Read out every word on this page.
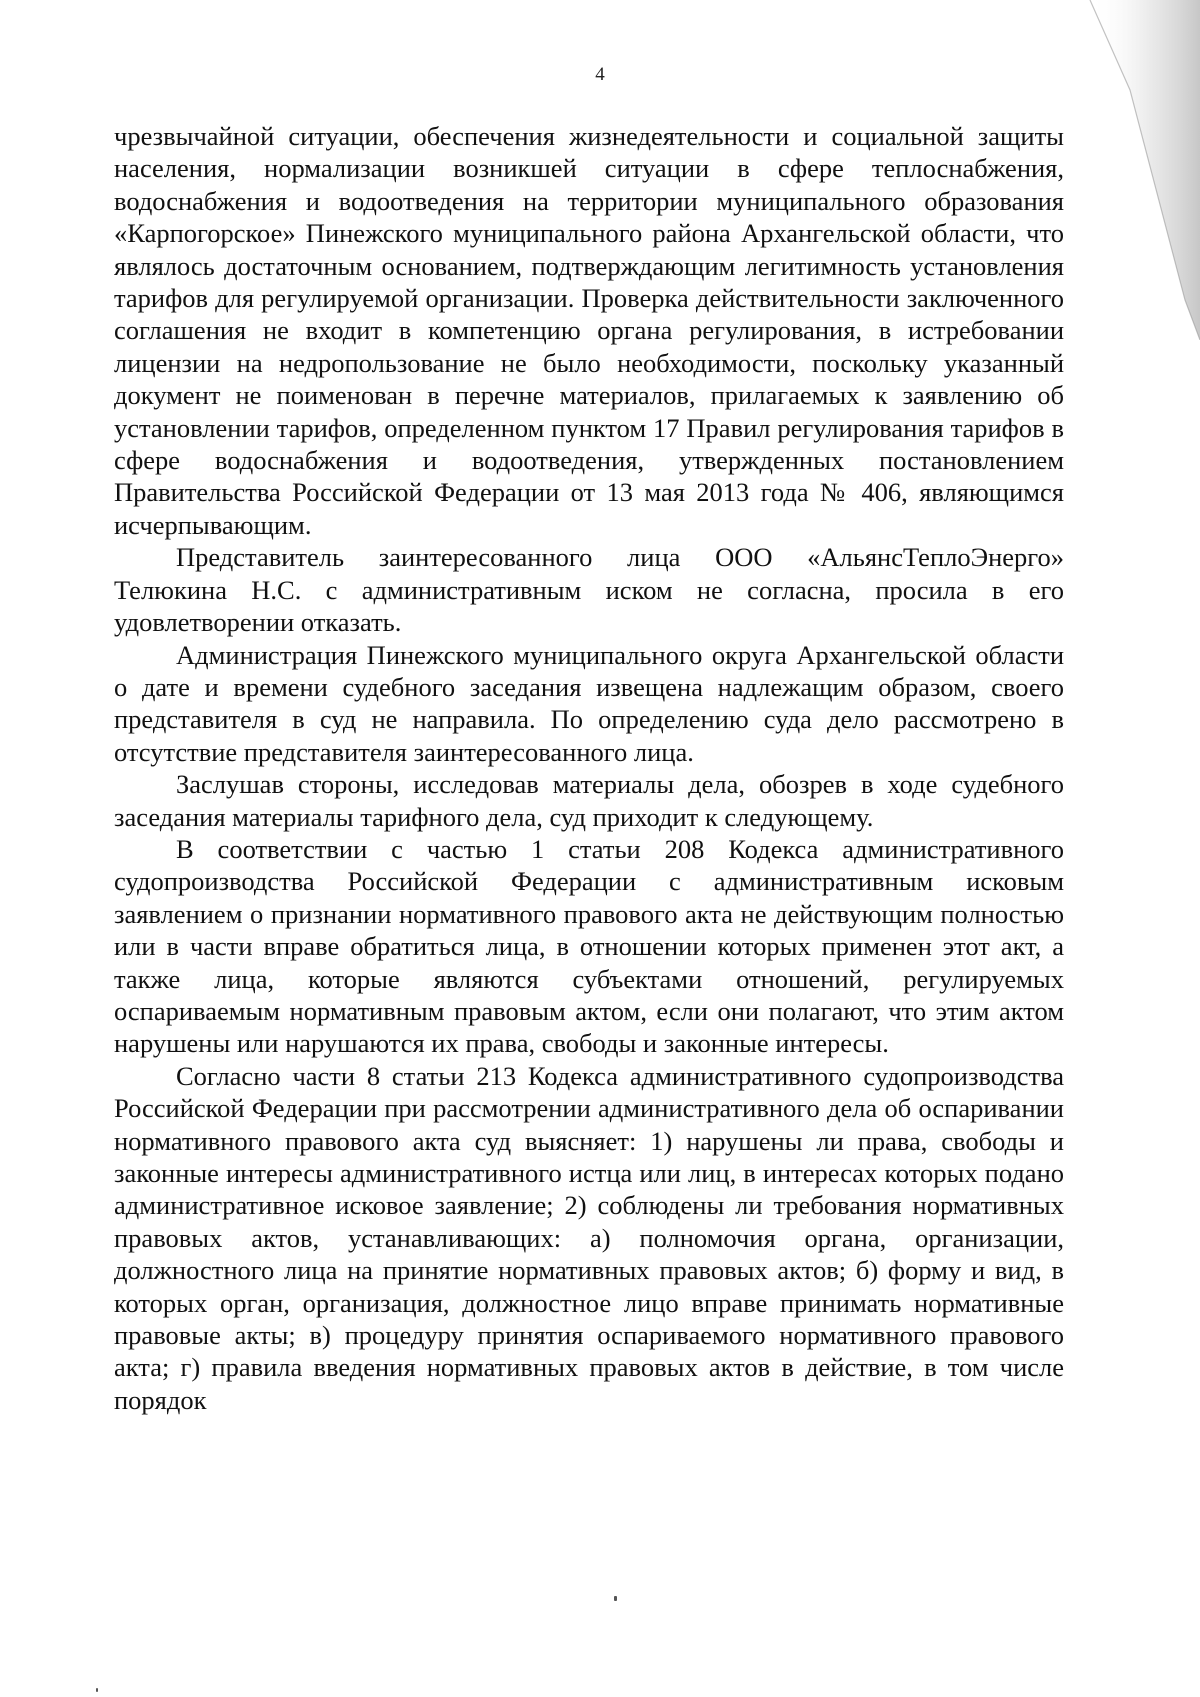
4

чрезвычайной ситуации, обеспечения жизнедеятельности и социальной защиты населения, нормализации возникшей ситуации в сфере теплоснабжения, водоснабжения и водоотведения на территории муниципального образования «Карпогорское» Пинежского муниципального района Архангельской области, что являлось достаточным основанием, подтверждающим легитимность установления тарифов для регулируемой организации. Проверка действительности заключенного соглашения не входит в компетенцию органа регулирования, в истребовании лицензии на недропользование не было необходимости, поскольку указанный документ не поименован в перечне материалов, прилагаемых к заявлению об установлении тарифов, определенном пунктом 17 Правил регулирования тарифов в сфере водоснабжения и водоотведения, утвержденных постановлением Правительства Российской Федерации от 13 мая 2013 года № 406, являющимся исчерпывающим.

Представитель заинтересованного лица ООО «АльянсТеплоЭнерго» Телюкина Н.С. с административным иском не согласна, просила в его удовлетворении отказать.

Администрация Пинежского муниципального округа Архангельской области о дате и времени судебного заседания извещена надлежащим образом, своего представителя в суд не направила. По определению суда дело рассмотрено в отсутствие представителя заинтересованного лица.

Заслушав стороны, исследовав материалы дела, обозрев в ходе судебного заседания материалы тарифного дела, суд приходит к следующему.

В соответствии с частью 1 статьи 208 Кодекса административного судопроизводства Российской Федерации с административным исковым заявлением о признании нормативного правового акта не действующим полностью или в части вправе обратиться лица, в отношении которых применен этот акт, а также лица, которые являются субъектами отношений, регулируемых оспариваемым нормативным правовым актом, если они полагают, что этим актом нарушены или нарушаются их права, свободы и законные интересы.

Согласно части 8 статьи 213 Кодекса административного судопроизводства Российской Федерации при рассмотрении административного дела об оспаривании нормативного правового акта суд выясняет: 1) нарушены ли права, свободы и законные интересы административного истца или лиц, в интересах которых подано административное исковое заявление; 2) соблюдены ли требования нормативных правовых актов, устанавливающих: а) полномочия органа, организации, должностного лица на принятие нормативных правовых актов; б) форму и вид, в которых орган, организация, должностное лицо вправе принимать нормативные правовые акты; в) процедуру принятия оспариваемого нормативного правового акта; г) правила введения нормативных правовых актов в действие, в том числе порядок
